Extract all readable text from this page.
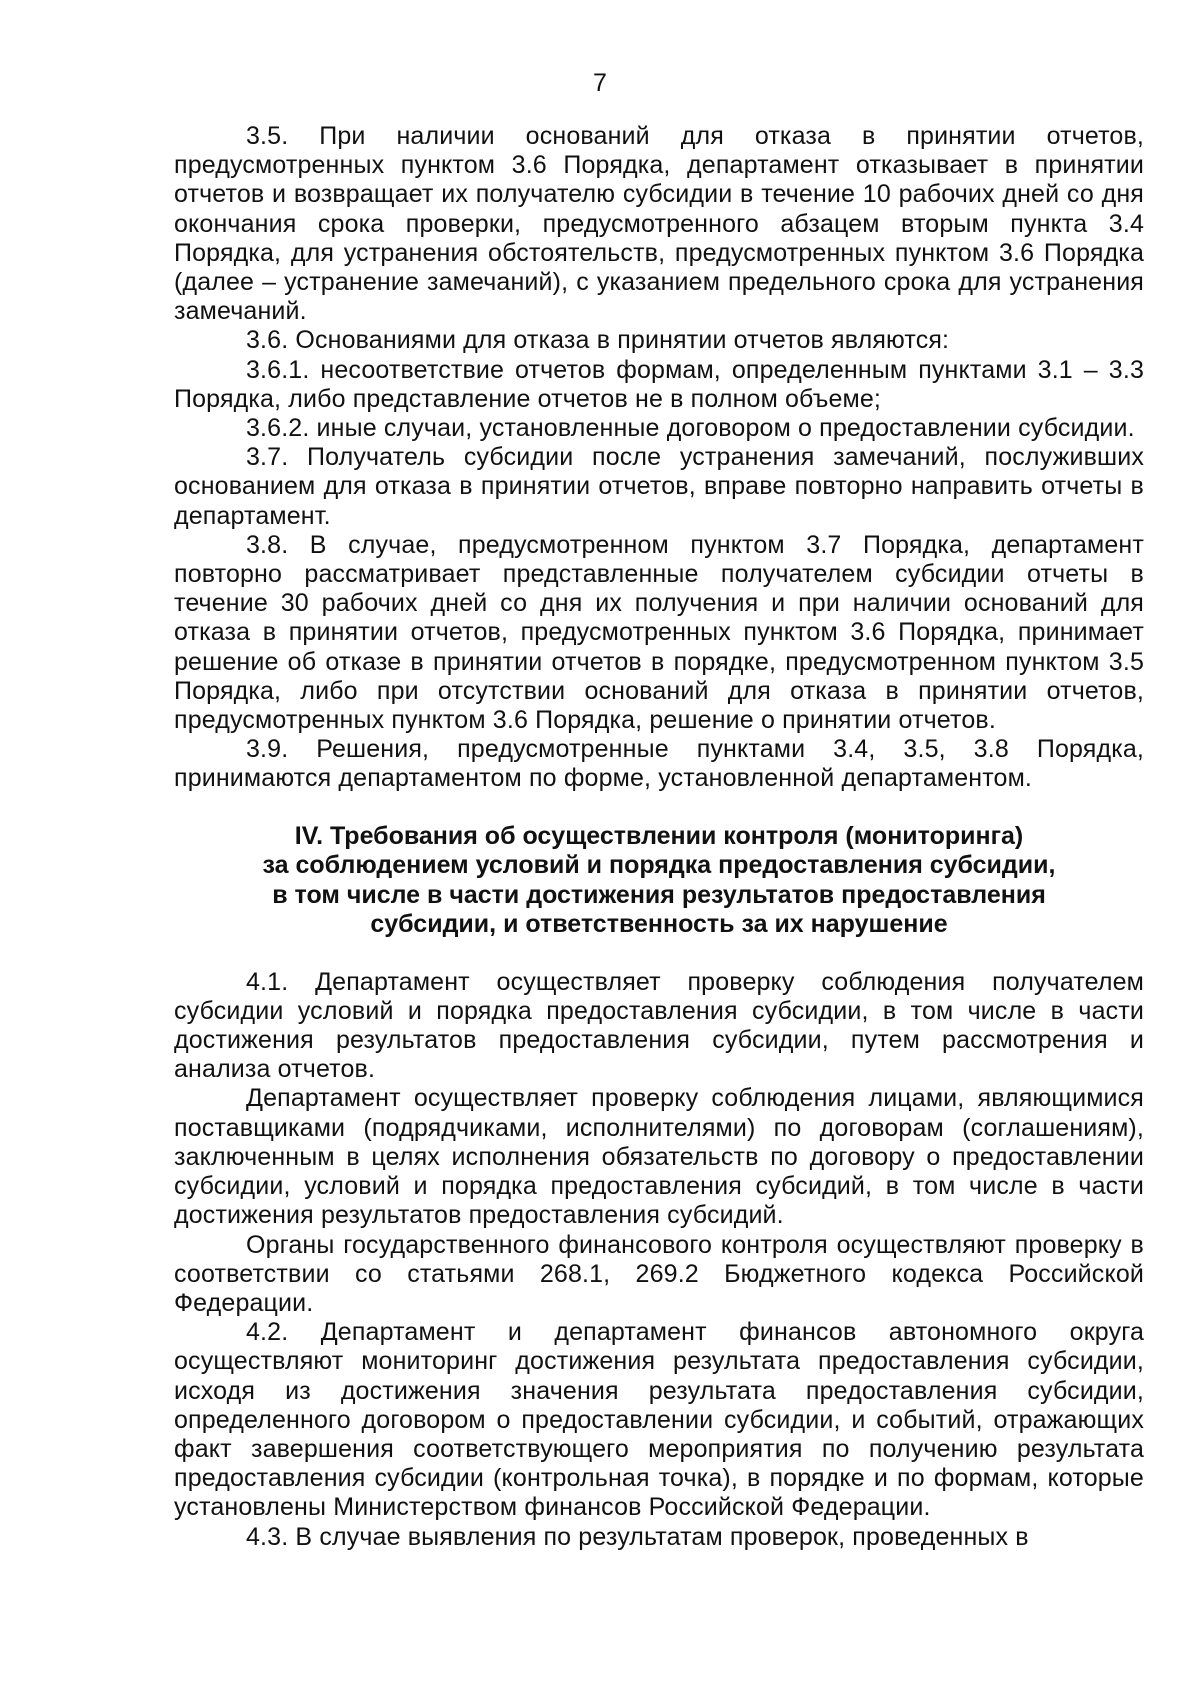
7

3.5. При наличии оснований для отказа в принятии отчетов, предусмотренных пунктом 3.6 Порядка, департамент отказывает в принятии отчетов и возвращает их получателю субсидии в течение 10 рабочих дней со дня окончания срока проверки, предусмотренного абзацем вторым пункта 3.4 Порядка, для устранения обстоятельств, предусмотренных пунктом 3.6 Порядка (далее – устранение замечаний), с указанием предельного срока для устранения замечаний.

3.6. Основаниями для отказа в принятии отчетов являются:

3.6.1. несоответствие отчетов формам, определенным пунктами 3.1 – 3.3 Порядка, либо представление отчетов не в полном объеме;

3.6.2. иные случаи, установленные договором о предоставлении субсидии.

3.7. Получатель субсидии после устранения замечаний, послуживших основанием для отказа в принятии отчетов, вправе повторно направить отчеты в департамент.

3.8. В случае, предусмотренном пунктом 3.7 Порядка, департамент повторно рассматривает представленные получателем субсидии отчеты в течение 30 рабочих дней со дня их получения и при наличии оснований для отказа в принятии отчетов, предусмотренных пунктом 3.6 Порядка, принимает решение об отказе в принятии отчетов в порядке, предусмотренном пунктом 3.5 Порядка, либо при отсутствии оснований для отказа в принятии отчетов, предусмотренных пунктом 3.6 Порядка, решение о принятии отчетов.

3.9. Решения, предусмотренные пунктами 3.4, 3.5, 3.8 Порядка, принимаются департаментом по форме, установленной департаментом.

IV. Требования об осуществлении контроля (мониторинга)
за соблюдением условий и порядка предоставления субсидии,
в том числе в части достижения результатов предоставления
субсидии, и ответственность за их нарушение

4.1. Департамент осуществляет проверку соблюдения получателем субсидии условий и порядка предоставления субсидии, в том числе в части достижения результатов предоставления субсидии, путем рассмотрения и анализа отчетов.

Департамент осуществляет проверку соблюдения лицами, являющимися поставщиками (подрядчиками, исполнителями) по договорам (соглашениям), заключенным в целях исполнения обязательств по договору о предоставлении субсидии, условий и порядка предоставления субсидий, в том числе в части достижения результатов предоставления субсидий.

Органы государственного финансового контроля осуществляют проверку в соответствии со статьями 268.1, 269.2 Бюджетного кодекса Российской Федерации.

4.2. Департамент и департамент финансов автономного округа осуществляют мониторинг достижения результата предоставления субсидии, исходя из достижения значения результата предоставления субсидии, определенного договором о предоставлении субсидии, и событий, отражающих факт завершения соответствующего мероприятия по получению результата предоставления субсидии (контрольная точка), в порядке и по формам, которые установлены Министерством финансов Российской Федерации.

4.3. В случае выявления по результатам проверок, проведенных в
